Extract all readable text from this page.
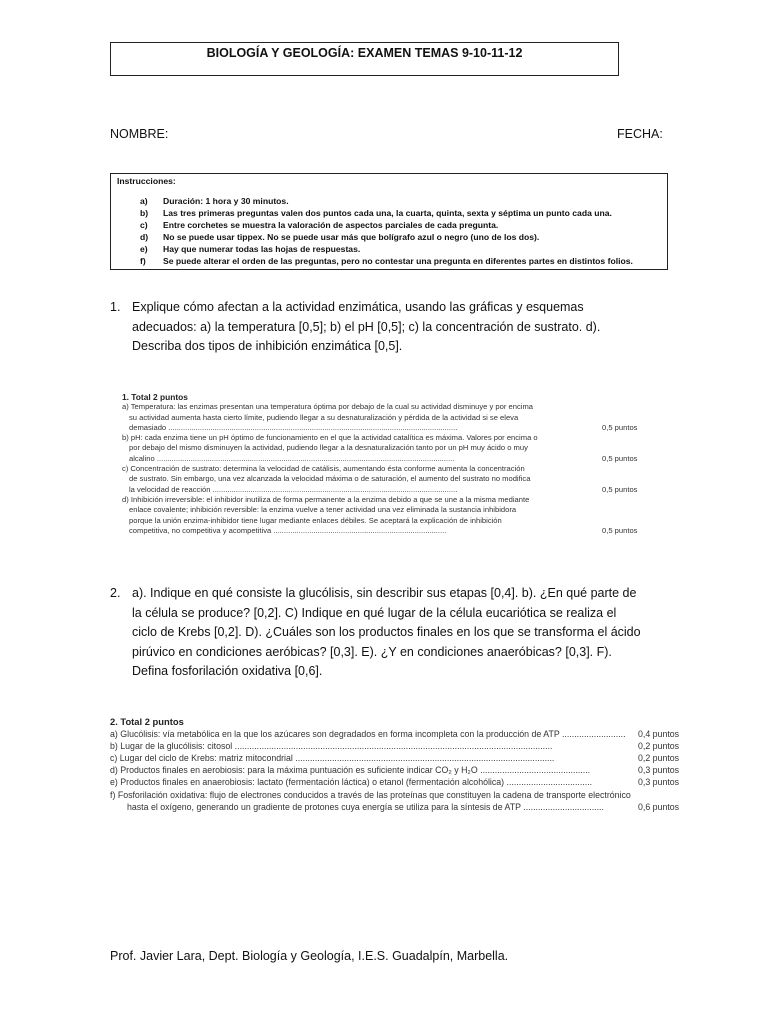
BIOLOGÍA Y GEOLOGÍA: EXAMEN TEMAS 9-10-11-12
NOMBRE:	FECHA:
Instrucciones:
a)	Duración: 1 hora y 30 minutos.
b)	Las tres primeras preguntas valen dos puntos cada una, la cuarta, quinta, sexta y séptima un punto cada una.
c)	Entre corchetes se muestra la valoración de aspectos parciales de cada pregunta.
d)	No se puede usar tippex. No se puede usar más que bolígrafo azul o negro (uno de los dos).
e)	Hay que numerar todas las hojas de respuestas.
f)	Se puede alterar el orden de las preguntas, pero no contestar una pregunta en diferentes partes en distintos folios.
1. Explique cómo afectan a la actividad enzimática, usando las gráficas y esquemas
adecuados: a) la temperatura [0,5]; b) el pH [0,5]; c) la concentración de sustrato. d).
Describa dos tipos de inhibición enzimática [0,5].
1. Total 2 puntos
a) Temperatura: las enzimas presentan una temperatura óptima por debajo de la cual su actividad disminuye y por encima
su actividad aumenta hasta cierto límite, pudiendo llegar a su desnaturalización y pérdida de la actividad si se eleva
demasiado .........................................................................................................................................	0,5 puntos
b) pH: cada enzima tiene un pH óptimo de funcionamiento en el que la actividad catalítica es máxima. Valores por encima o
por debajo del mismo disminuyen la actividad, pudiendo llegar a la desnaturalización tanto por un pH muy ácido o muy
alcalino .............................................................................................................................................	0,5 puntos
c) Concentración de sustrato: determina la velocidad de catálisis, aumentando ésta conforme aumenta la concentración
de sustrato. Sin embargo, una vez alcanzada la velocidad máxima o de saturación, el aumento del sustrato no modifica
la velocidad de reacción ....................................................................................................................	0,5 puntos
d) Inhibición irreversible: el inhibidor inutiliza de forma permanente a la enzima debido a que se une a la misma mediante
enlace covalente; inhibición reversible: la enzima vuelve a tener actividad una vez eliminada la sustancia inhibidora
porque la unión enzima-inhibidor tiene lugar mediante enlaces débiles. Se aceptará la explicación de inhibición
competitiva, no competitiva y acompetitiva ..................................................................................	0,5 puntos
2. a). Indique en qué consiste la glucólisis, sin describir sus etapas [0,4]. b). ¿En qué parte de
la célula se produce? [0,2]. C) Indique en qué lugar de la célula eucariótica se realiza el
ciclo de Krebs [0,2]. D). ¿Cuáles son los productos finales en los que se transforma el ácido
pirúvico en condiciones aeróbicas? [0,3]. E). ¿Y en condiciones anaeróbicas? [0,3]. F).
Defina fosforilación oxidativa [0,6].
2. Total 2 puntos
a) Glucólisis: vía metabólica en la que los azúcares son degradados en forma incompleta con la producción de ATP ..........................	0,4 puntos
b) Lugar de la glucólisis: citosol ..................................................................................................................................	0,2 puntos
c) Lugar del ciclo de Krebs: matriz mitocondrial ..........................................................................................................	0,2 puntos
d) Productos finales en aerobiosis: para la máxima puntuación es suficiente indicar CO₂ y H₂O .............................................	0,3 puntos
e) Productos finales en anaerobiosis: lactato (fermentación láctica) o etanol (fermentación alcohólica) ...................................	0,3 puntos
f) Fosforilación oxidativa: flujo de electrones conducidos a través de las proteínas que constituyen la cadena de transporte electrónico
hasta el oxígeno, generando un gradiente de protones cuya energía se utiliza para la síntesis de ATP .................................	0,6 puntos
Prof. Javier Lara, Dept. Biología y Geología, I.E.S. Guadalpín, Marbella.
